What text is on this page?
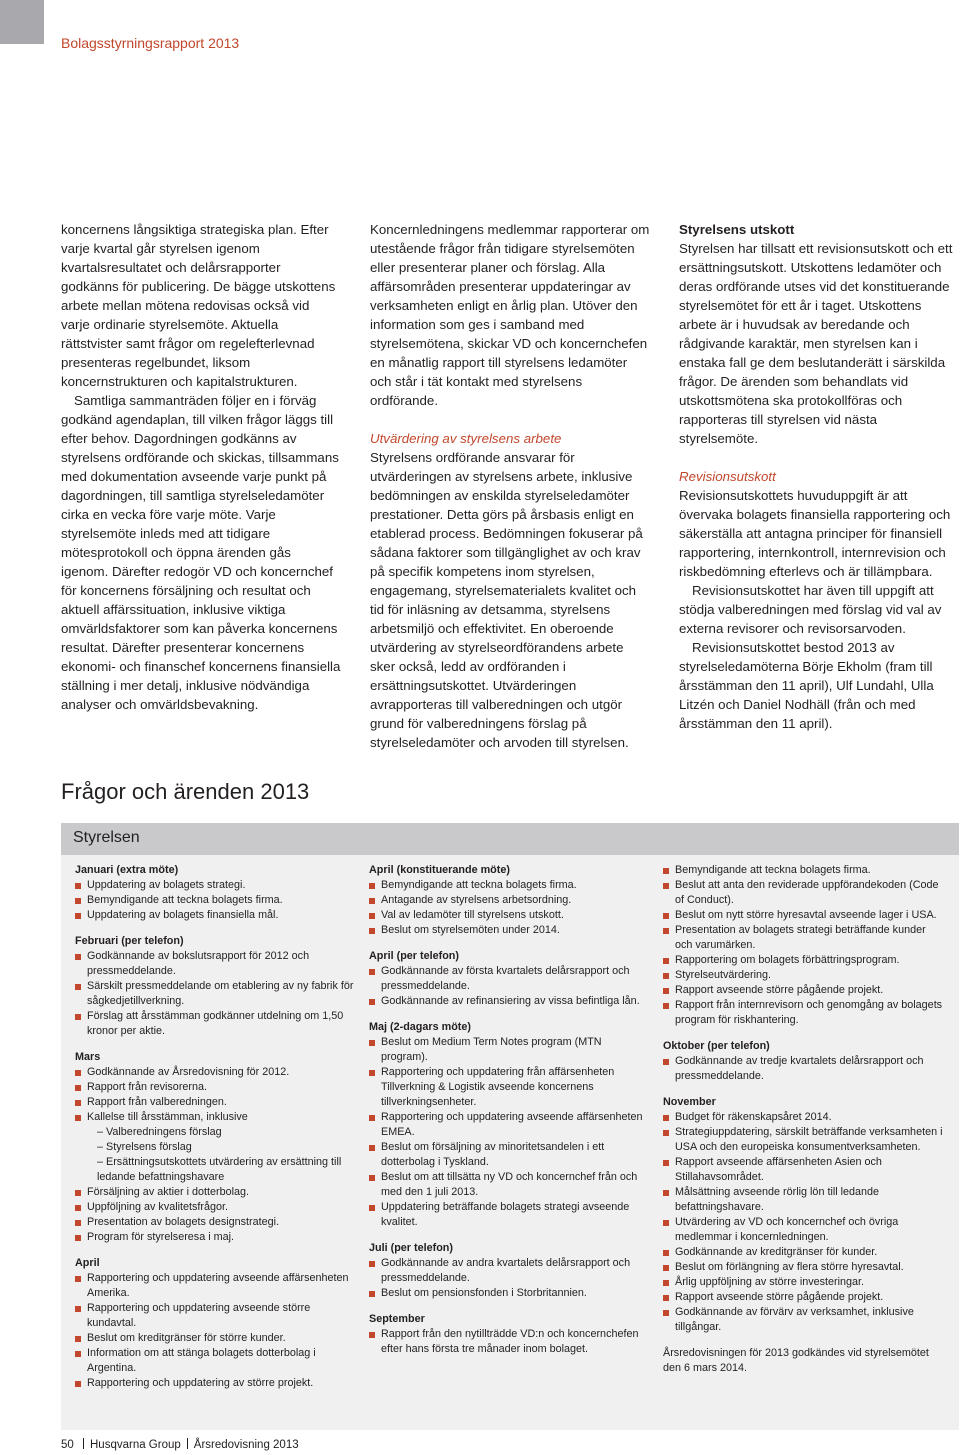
Bolagsstyrningsrapport 2013

koncernens långsiktiga strategiska plan. Efter varje kvartal går styrelsen igenom kvartalsresultatet och delårsrapporter godkänns för publicering. De bägge utskottens arbete mellan mötena redovisas också vid varje ordinarie styrelsemöte. Aktuella rättstvister samt frågor om regelefterlevnad presenteras regelbundet, liksom koncernstrukturen och kapitalstrukturen.

Samtliga sammanträden följer en i förväg godkänd agendaplan, till vilken frågor läggs till efter behov. Dagordningen godkänns av styrelsens ordförande och skickas, tillsammans med dokumentation avseende varje punkt på dagordningen, till samtliga styrelseledamöter cirka en vecka före varje möte. Varje styrelsemöte inleds med att tidigare mötesprotokoll och öppna ärenden gås igenom. Därefter redogör VD och koncernchef för koncernens försäljning och resultat och aktuell affärssituation, inklusive viktiga omvärldsfaktorer som kan påverka koncernens resultat. Därefter presenterar koncernens ekonomi- och finanschef koncernens finansiella ställning i mer detalj, inklusive nödvändiga analyser och omvärldsbevakning.

Koncernledningens medlemmar rapporterar om utestående frågor från tidigare styrelsemöten eller presenterar planer och förslag. Alla affärsområden presenterar uppdateringar av verksamheten enligt en årlig plan. Utöver den information som ges i samband med styrelsemötena, skickar VD och koncernchefen en månatlig rapport till styrelsens ledamöter och står i tät kontakt med styrelsens ordförande.

Utvärdering av styrelsens arbete

Styrelsens ordförande ansvarar för utvärderingen av styrelsens arbete, inklusive bedömningen av enskilda styrelseledamöter prestationer. Detta görs på årsbasis enligt en etablerad process. Bedömningen fokuserar på sådana faktorer som tillgänglighet av och krav på specifik kompetens inom styrelsen, engagemang, styrelsematerialets kvalitet och tid för inläsning av detsamma, styrelsens arbetsmiljö och effektivitet. En oberoende utvärdering av styrelseordförandens arbete sker också, ledd av ordföranden i ersättningsutskottet. Utvärderingen avrapporteras till valberedningen och utgör grund för valberedningens förslag på styrelseledamöter och arvoden till styrelsen.

Styrelsens utskott

Styrelsen har tillsatt ett revisionsutskott och ett ersättningsutskott. Utskottens ledamöter och deras ordförande utses vid det konstituerande styrelsemötet för ett år i taget. Utskottens arbete är i huvudsak av beredande och rådgivande karaktär, men styrelsen kan i enstaka fall ge dem beslutanderätt i särskilda frågor. De ärenden som behandlats vid utskottsmötena ska protokollföras och rapporteras till styrelsen vid nästa styrelsemöte.

Revisionsutskott

Revisionsutskottets huvuduppgift är att övervaka bolagets finansiella rapportering och säkerställa att antagna principer för finansiell rapportering, internkontroll, internrevision och riskbedömning efterlevs och är tillämpbara.

Revisionsutskottet har även till uppgift att stödja valberedningen med förslag vid val av externa revisorer och revisorsarvoden.

Revisionsutskottet bestod 2013 av styrelseledamöterna Börje Ekholm (fram till årsstämman den 11 april), Ulf Lundahl, Ulla Litzén och Daniel Nodhäll (från och med årsstämman den 11 april).

Frågor och ärenden 2013
Styrelsen
Januari (extra möte)
Uppdatering av bolagets strategi.
Bemyndigande att teckna bolagets firma.
Uppdatering av bolagets finansiella mål.
Februari (per telefon)
Godkännande av bokslutsrapport för 2012 och pressmeddelande.
Särskilt pressmeddelande om etablering av ny fabrik för sågkedjetillverkning.
Förslag att årsstämman godkänner utdelning om 1,50 kronor per aktie.
Mars
Godkännande av Årsredovisning för 2012.
Rapport från revisorerna.
Rapport från valberedningen.
Kallelse till årsstämman, inklusive
– Valberedningens förslag
– Styrelsens förslag
– Ersättningsutskottets utvärdering av ersättning till ledande befattningshavare
Försäljning av aktier i dotterbolag.
Uppföljning av kvalitetsfrågor.
Presentation av bolagets designstrategi.
Program för styrelseresa i maj.
April
Rapportering och uppdatering avseende affärsenheten Amerika.
Rapportering och uppdatering avseende större kundavtal.
Beslut om kreditgränser för större kunder.
Information om att stänga bolagets dotterbolag i Argentina.
Rapportering och uppdatering av större projekt.
April (konstituerande möte)
Bemyndigande att teckna bolagets firma.
Antagande av styrelsens arbetsordning.
Val av ledamöter till styrelsens utskott.
Beslut om styrelsemöten under 2014.
April (per telefon)
Godkännande av första kvartalets delårsrapport och pressmeddelande.
Godkännande av refinansiering av vissa befintliga lån.
Maj (2-dagars möte)
Beslut om Medium Term Notes program (MTN program).
Rapportering och uppdatering från affärsenheten Tillverkning & Logistik avseende koncernens tillverkningsenheter.
Rapportering och uppdatering avseende affärsenheten EMEA.
Beslut om försäljning av minoritetsandelen i ett dotterbolag i Tyskland.
Beslut om att tillsätta ny VD och koncernchef från och med den 1 juli 2013.
Uppdatering beträffande bolagets strategi avseende kvalitet.
Juli (per telefon)
Godkännande av andra kvartalets delårsrapport och pressmeddelande.
Beslut om pensionsfonden i Storbritannien.
September
Rapport från den nytillträdde VD:n och koncernchefen efter hans första tre månader inom bolaget.
Bemyndigande att teckna bolagets firma.
Beslut att anta den reviderade uppförandekoden (Code of Conduct).
Beslut om nytt större hyresavtal avseende lager i USA.
Presentation av bolagets strategi beträffande kunder och varumärken.
Rapportering om bolagets förbättringsprogram.
Styrelseutvärdering.
Rapport avseende större pågående projekt.
Rapport från internrevisorn och genomgång av bolagets program för riskhantering.
Oktober (per telefon)
Godkännande av tredje kvartalets delårsrapport och pressmeddelande.
November
Budget för räkenskapsåret 2014.
Strategiuppdatering, särskilt beträffande verksamheten i USA och den europeiska konsumentverksamheten.
Rapport avseende affärsenheten Asien och Stillahavsområdet.
Målsättning avseende rörlig lön till ledande befattningshavare.
Utvärdering av VD och koncernchef och övriga medlemmar i koncernledningen.
Godkännande av kreditgränser för kunder.
Beslut om förlängning av flera större hyresavtal.
Årlig uppföljning av större investeringar.
Rapport avseende större pågående projekt.
Godkännande av förvärv av verksamhet, inklusive tillgångar.

Årsredovisningen för 2013 godkändes vid styrelsemötet den 6 mars 2014.

50 Husqvarna Group Årsredovisning 2013
